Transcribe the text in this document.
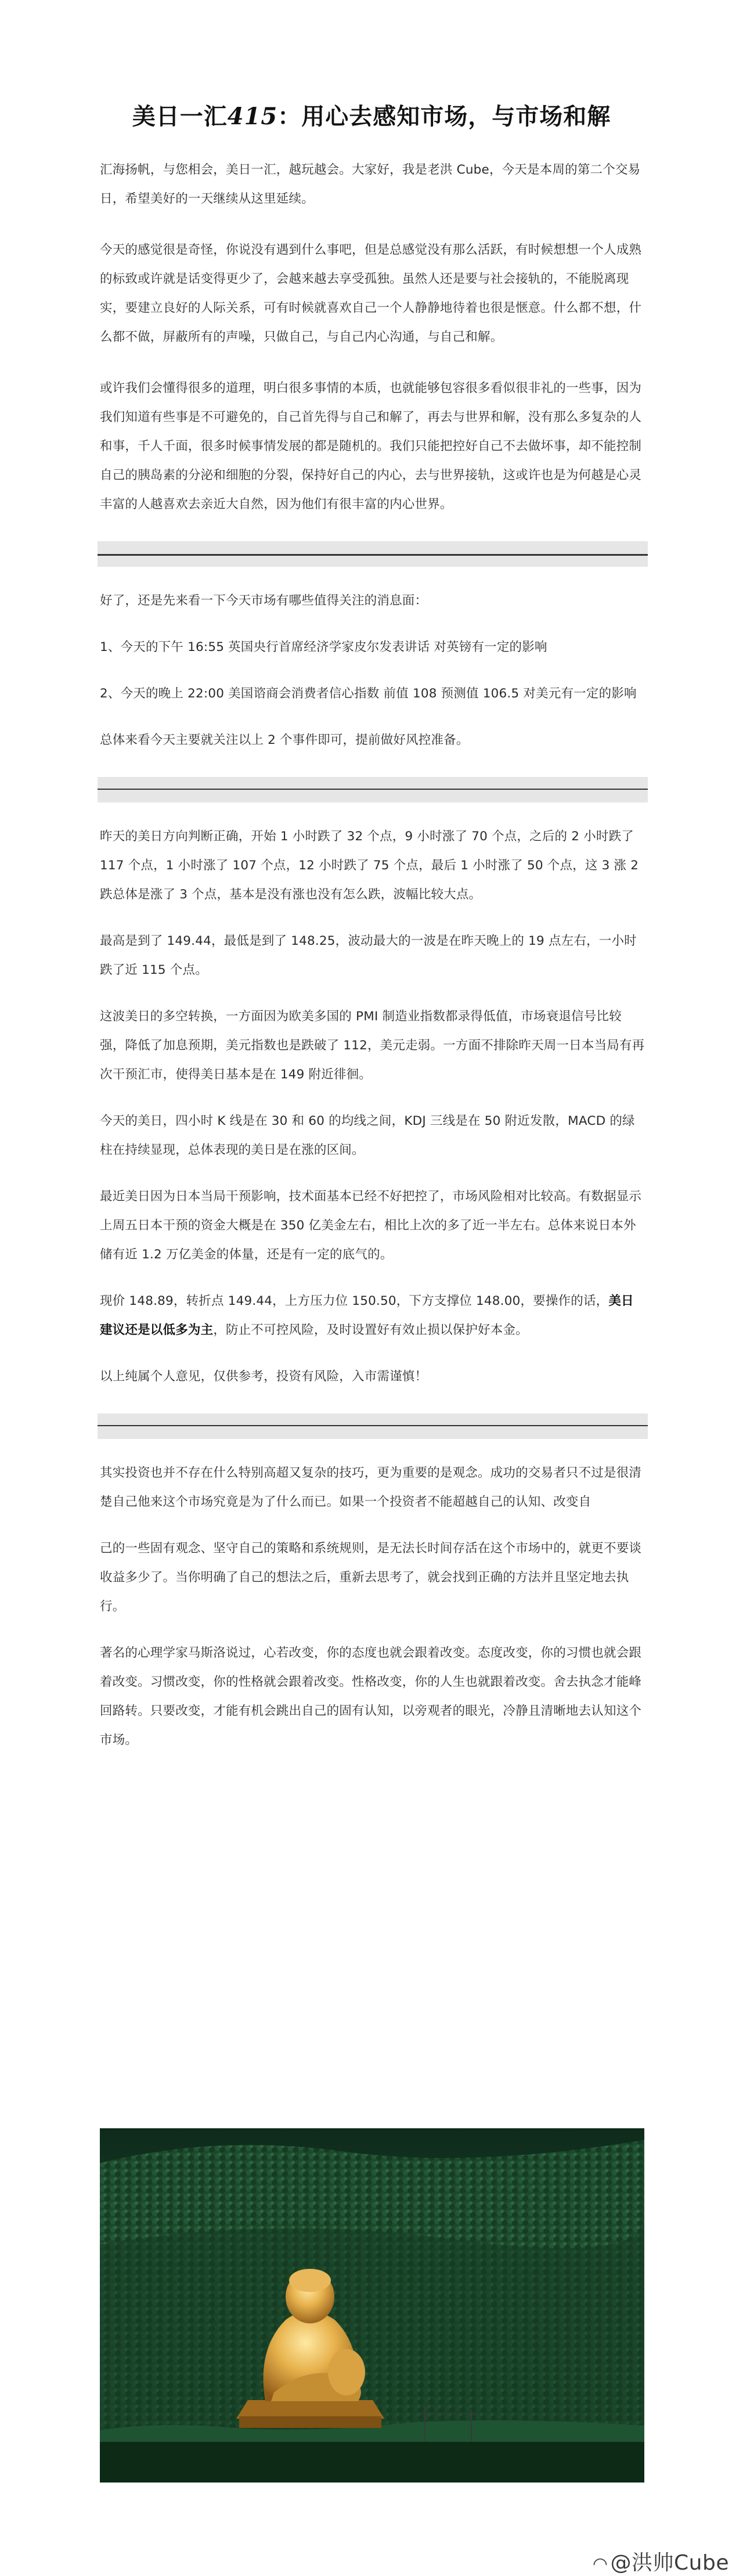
美日一汇415：用心去感知市场，与市场和解

汇海扬帆，与您相会，美日一汇，越玩越会。大家好，我是老洪 Cube，今天是本周的第二个交易日，希望美好的一天继续从这里延续。

今天的感觉很是奇怪，你说没有遇到什么事吧，但是总感觉没有那么活跃，有时候想想一个人成熟的标致或许就是话变得更少了，会越来越去享受孤独。虽然人还是要与社会接轨的，不能脱离现实，要建立良好的人际关系，可有时候就喜欢自己一个人静静地待着也很是惬意。什么都不想，什么都不做，屏蔽所有的声噪，只做自己，与自己内心沟通，与自己和解。

或许我们会懂得很多的道理，明白很多事情的本质，也就能够包容很多看似很非礼的一些事，因为我们知道有些事是不可避免的，自己首先得与自己和解了，再去与世界和解，没有那么多复杂的人和事，千人千面，很多时候事情发展的都是随机的。我们只能把控好自己不去做坏事，却不能控制自己的胰岛素的分泌和细胞的分裂，保持好自己的内心，去与世界接轨，这或许也是为何越是心灵丰富的人越喜欢去亲近大自然，因为他们有很丰富的内心世界。

好了，还是先来看一下今天市场有哪些值得关注的消息面：

1、今天的下午 16:55 英国央行首席经济学家皮尔发表讲话 对英镑有一定的影响

2、今天的晚上 22:00 美国谘商会消费者信心指数 前值 108 预测值 106.5 对美元有一定的影响

总体来看今天主要就关注以上 2 个事件即可，提前做好风控准备。

昨天的美日方向判断正确，开始 1 小时跌了 32 个点，9 小时涨了 70 个点，之后的 2 小时跌了 117 个点，1 小时涨了 107 个点，12 小时跌了 75 个点，最后 1 小时涨了 50 个点，这 3 涨 2 跌总体是涨了 3 个点，基本是没有涨也没有怎么跌，波幅比较大点。

最高是到了 149.44，最低是到了 148.25，波动最大的一波是在昨天晚上的 19 点左右，一小时跌了近 115 个点。

这波美日的多空转换，一方面因为欧美多国的 PMI 制造业指数都录得低值，市场衰退信号比较强，降低了加息预期，美元指数也是跌破了 112，美元走弱。一方面不排除昨天周一日本当局有再次干预汇市，使得美日基本是在 149 附近徘徊。

今天的美日，四小时 K 线是在 30 和 60 的均线之间，KDJ 三线是在 50 附近发散，MACD 的绿柱在持续显现，总体表现的美日是在涨的区间。

最近美日因为日本当局干预影响，技术面基本已经不好把控了，市场风险相对比较高。有数据显示上周五日本干预的资金大概是在 350 亿美金左右，相比上次的多了近一半左右。总体来说日本外储有近 1.2 万亿美金的体量，还是有一定的底气的。

现价 148.89，转折点 149.44，上方压力位 150.50，下方支撑位 148.00，要操作的话，美日建议还是以低多为主，防止不可控风险，及时设置好有效止损以保护好本金。

以上纯属个人意见，仅供参考，投资有风险，入市需谨慎！

其实投资也并不存在什么特别高超又复杂的技巧，更为重要的是观念。成功的交易者只不过是很清楚自己他来这个市场究竟是为了什么而已。如果一个投资者不能超越自己的认知、改变自

己的一些固有观念、坚守自己的策略和系统规则，是无法长时间存活在这个市场中的，就更不要谈收益多少了。当你明确了自己的想法之后，重新去思考了，就会找到正确的方法并且坚定地去执行。

著名的心理学家马斯洛说过，心若改变，你的态度也就会跟着改变。态度改变，你的习惯也就会跟着改变。习惯改变，你的性格就会跟着改变。性格改变，你的人生也就跟着改变。舍去执念才能峰回路转。只要改变，才能有机会跳出自己的固有认知，以旁观者的眼光，冷静且清晰地去认知这个市场。

◠ @洪帅Cube
